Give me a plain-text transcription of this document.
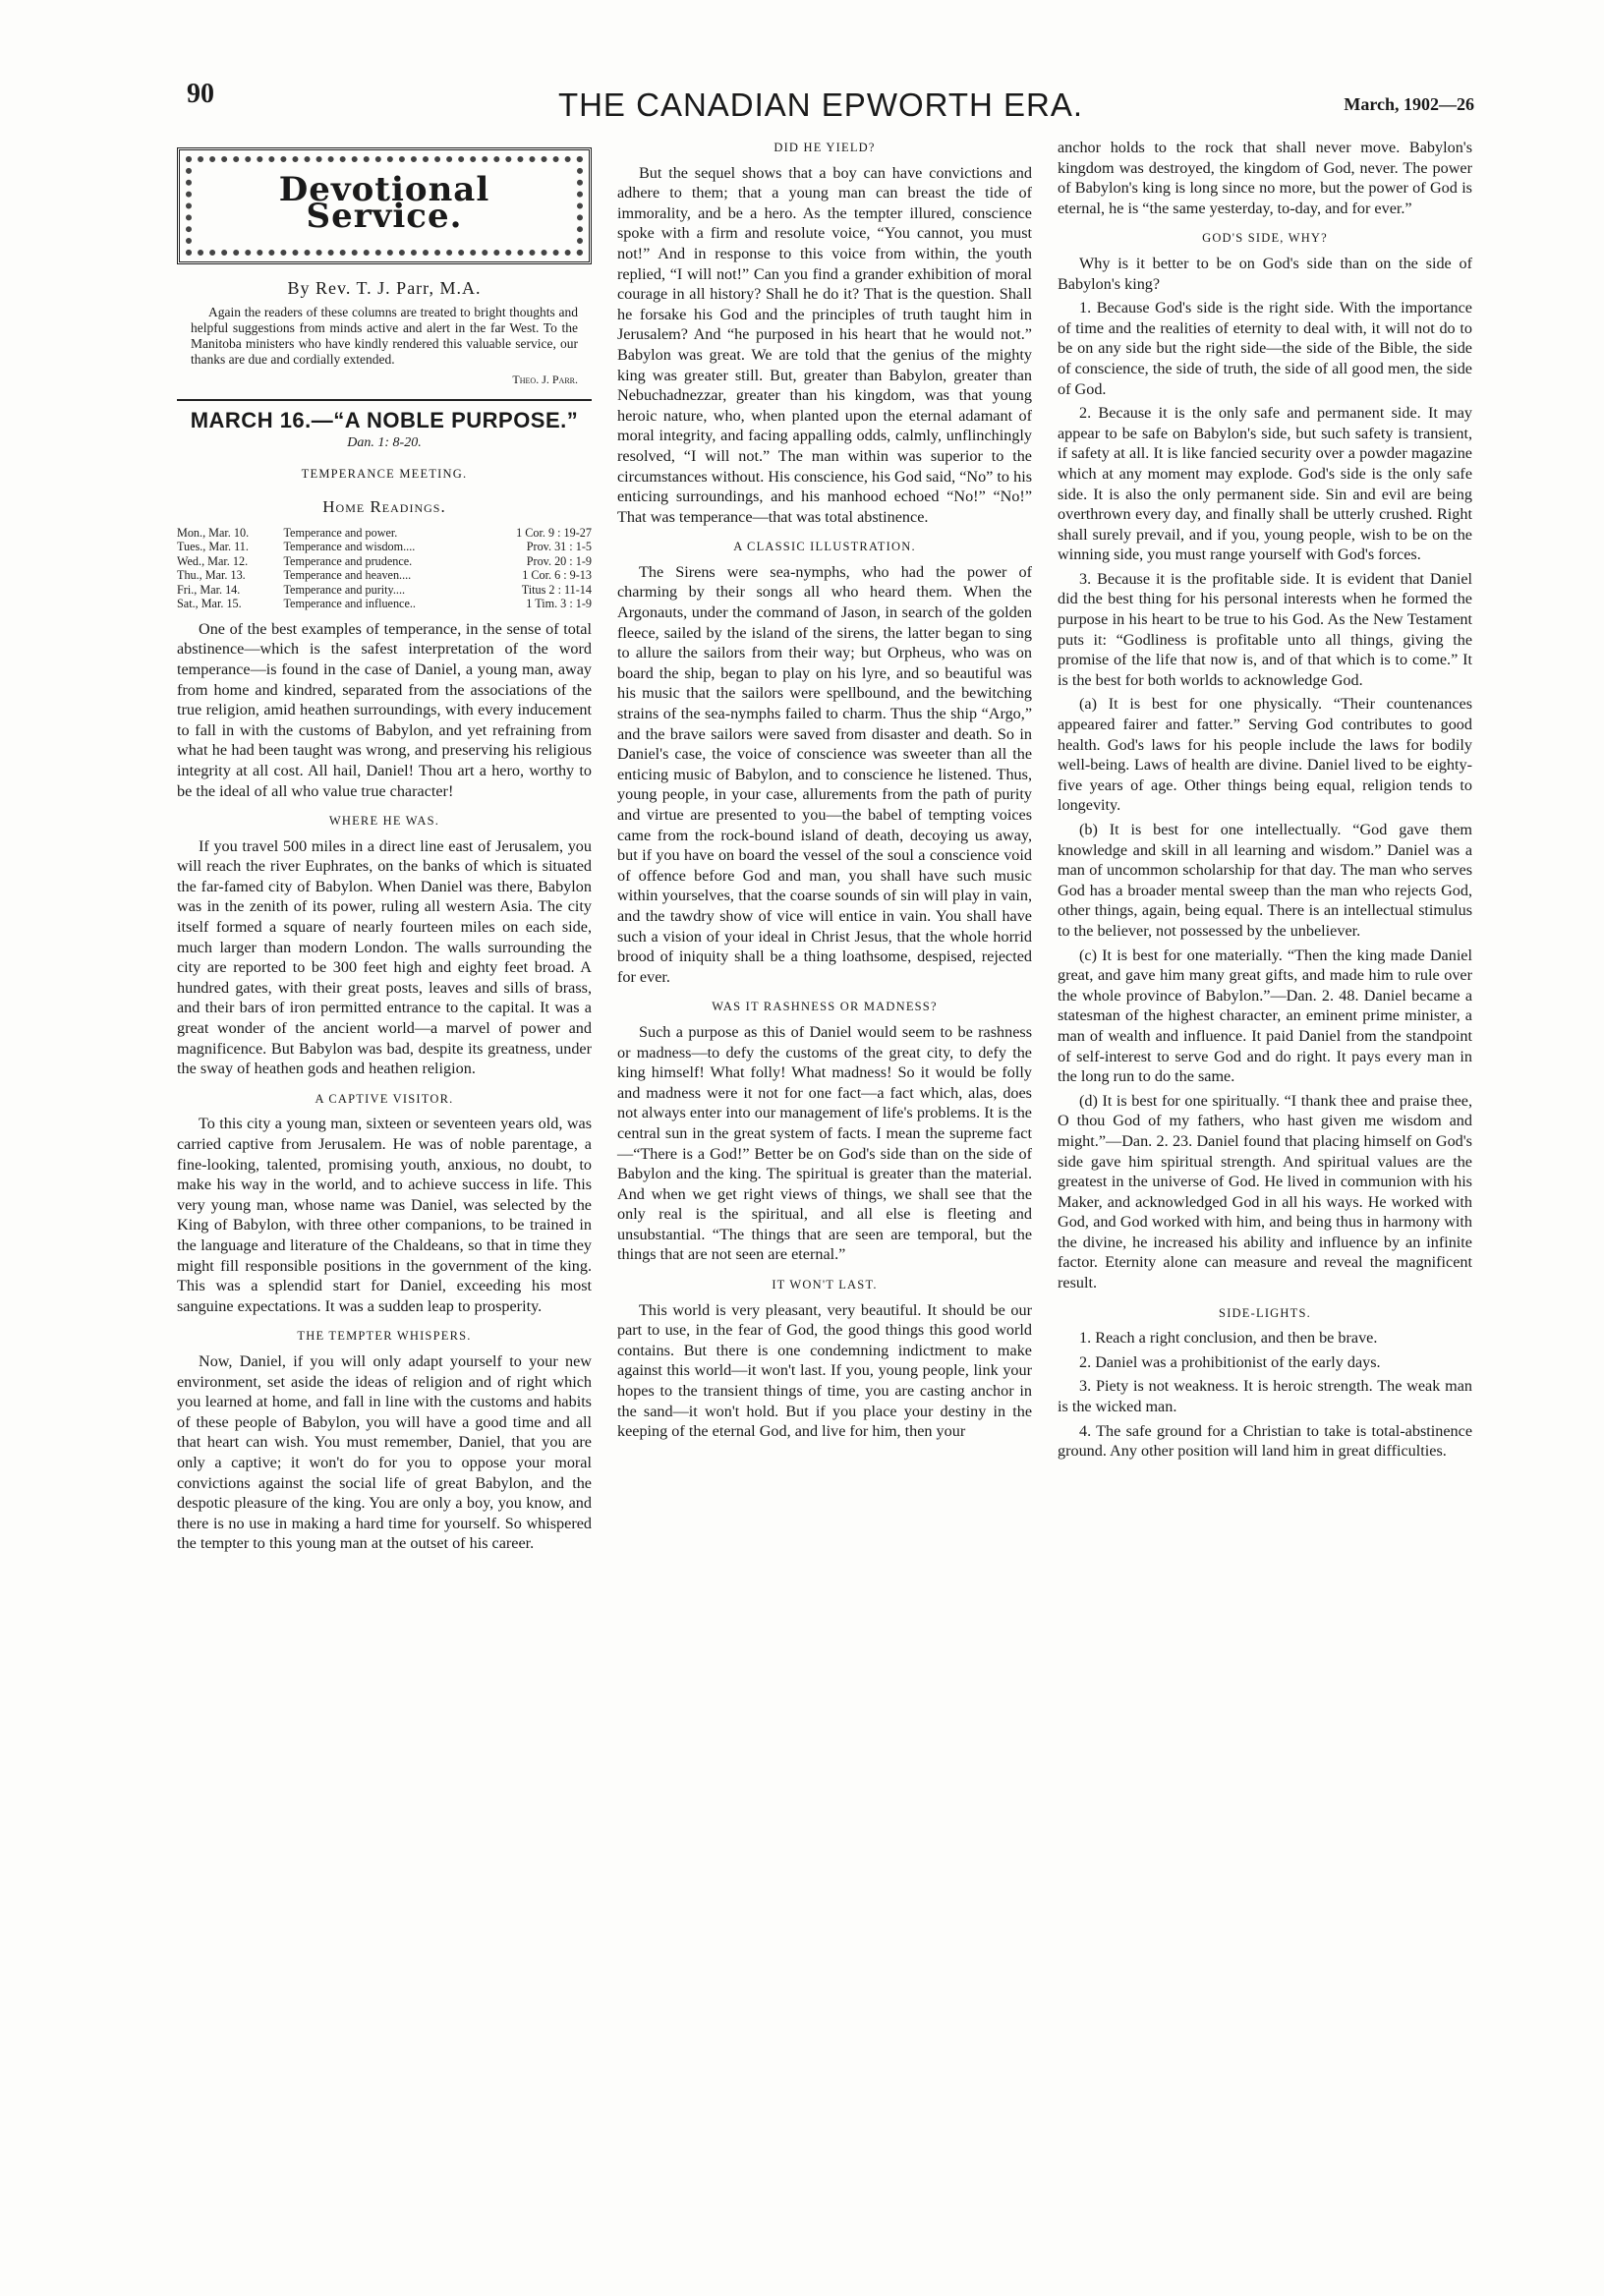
90	THE CANADIAN EPWORTH ERA.	March, 1902—26
Devotional Service.
By Rev. T. J. Parr, M.A.
Again the readers of these columns are treated to bright thoughts and helpful suggestions from minds active and alert in the far West. To the Manitoba ministers who have kindly rendered this valuable service, our thanks are due and cordially extended.
Theo. J. Parr.
MARCH 16.—“A NOBLE PURPOSE.”
Dan. 1: 8-20.
TEMPERANCE MEETING.
Home Readings.
Mon., Mar. 10.	Temperance and power.	1 Cor. 9 : 19-27
Tues., Mar. 11.	Temperance and wisdom....	Prov. 31 : 1-5
Wed., Mar. 12.	Temperance and prudence.	Prov. 20 : 1-9
Thu., Mar. 13.	Temperance and heaven....	1 Cor. 6 : 9-13
Fri., Mar. 14.	Temperance and purity....	Titus 2 : 11-14
Sat., Mar. 15.	Temperance and influence..	1 Tim. 3 : 1-9

One of the best examples of temperance, in the sense of total abstinence—which is the safest interpretation of the word temperance—is found in the case of Daniel, a young man, away from home and kindred, separated from the associations of the true religion, amid heathen surroundings, with every inducement to fall in with the customs of Babylon, and yet refraining from what he had been taught was wrong, and preserving his religious integrity at all cost. All hail, Daniel! Thou art a hero, worthy to be the ideal of all who value true character!

WHERE HE WAS.

If you travel 500 miles in a direct line east of Jerusalem, you will reach the river Euphrates, on the banks of which is situated the far-famed city of Babylon. When Daniel was there, Babylon was in the zenith of its power, ruling all western Asia. The city itself formed a square of nearly fourteen miles on each side, much larger than modern London. The walls surrounding the city are reported to be 300 feet high and eighty feet broad. A hundred gates, with their great posts, leaves and sills of brass, and their bars of iron permitted entrance to the capital. It was a great wonder of the ancient world—a marvel of power and magnificence. But Babylon was bad, despite its greatness, under the sway of heathen gods and heathen religion.

A CAPTIVE VISITOR.

To this city a young man, sixteen or seventeen years old, was carried captive from Jerusalem. He was of noble parentage, a fine-looking, talented, promising youth, anxious, no doubt, to make his way in the world, and to achieve success in life. This very young man, whose name was Daniel, was selected by the King of Babylon, with three other companions, to be trained in the language and literature of the Chaldeans, so that in time they might fill responsible positions in the government of the king. This was a splendid start for Daniel, exceeding his most sanguine expectations. It was a sudden leap to prosperity.

THE TEMPTER WHISPERS.

Now, Daniel, if you will only adapt yourself to your new environment, set aside the ideas of religion and of right which you learned at home, and fall in line with the customs and habits of these people of Babylon, you will have a good time and all that heart can wish. You must remember, Daniel, that you are only a captive; it won't do for you to oppose your moral convictions against the social life of great Babylon, and the despotic pleasure of the king. You are only a boy, you know, and there is no use in making a hard time for yourself. So whispered the tempter to this young man at the outset of his career.

DID HE YIELD?

But the sequel shows that a boy can have convictions and adhere to them; that a young man can breast the tide of immorality, and be a hero. As the tempter illured, conscience spoke with a firm and resolute voice, “You cannot, you must not!” And in response to this voice from within, the youth replied, “I will not!” Can you find a grander exhibition of moral courage in all history? Shall he do it? That is the question. Shall he forsake his God and the principles of truth taught him in Jerusalem? And “he purposed in his heart that he would not.” Babylon was great. We are told that the genius of the mighty king was greater still. But, greater than Babylon, greater than Nebuchadnezzar, greater than his kingdom, was that young heroic nature, who, when planted upon the eternal adamant of moral integrity, and facing appalling odds, calmly, unflinchingly resolved, “I will not.” The man within was superior to the circumstances without. His conscience, his God said, “No” to his enticing surroundings, and his manhood echoed “No!” “No!” That was temperance—that was total abstinence.

A CLASSIC ILLUSTRATION.

The Sirens were sea-nymphs, who had the power of charming by their songs all who heard them. When the Argonauts, under the command of Jason, in search of the golden fleece, sailed by the island of the sirens, the latter began to sing to allure the sailors from their way; but Orpheus, who was on board the ship, began to play on his lyre, and so beautiful was his music that the sailors were spellbound, and the bewitching strains of the sea-nymphs failed to charm. Thus the ship “Argo,” and the brave sailors were saved from disaster and death. So in Daniel's case, the voice of conscience was sweeter than all the enticing music of Babylon, and to conscience he listened. Thus, young people, in your case, allurements from the path of purity and virtue are presented to you—the babel of tempting voices came from the rock-bound island of death, decoying us away, but if you have on board the vessel of the soul a conscience void of offence before God and man, you shall have such music within yourselves, that the coarse sounds of sin will play in vain, and the tawdry show of vice will entice in vain. You shall have such a vision of your ideal in Christ Jesus, that the whole horrid brood of iniquity shall be a thing loathsome, despised, rejected for ever.

WAS IT RASHNESS OR MADNESS?

Such a purpose as this of Daniel would seem to be rashness or madness—to defy the customs of the great city, to defy the king himself! What folly! What madness! So it would be folly and madness were it not for one fact—a fact which, alas, does not always enter into our management of life's problems. It is the central sun in the great system of facts. I mean the supreme fact—“There is a God!” Better be on God's side than on the side of Babylon and the king. The spiritual is greater than the material. And when we get right views of things, we shall see that the only real is the spiritual, and all else is fleeting and unsubstantial. “The things that are seen are temporal, but the things that are not seen are eternal.”

IT WON'T LAST.

This world is very pleasant, very beautiful. It should be our part to use, in the fear of God, the good things this good world contains. But there is one condemning indictment to make against this world—it won't last. If you, young people, link your hopes to the transient things of time, you are casting anchor in the sand—it won't hold. But if you place your destiny in the keeping of the eternal God, and live for him, then your

anchor holds to the rock that shall never move. Babylon's kingdom was destroyed, the kingdom of God, never. The power of Babylon's king is long since no more, but the power of God is eternal, he is “the same yesterday, to-day, and for ever.”

GOD'S SIDE, WHY?

Why is it better to be on God's side than on the side of Babylon's king?

1. Because God's side is the right side. With the importance of time and the realities of eternity to deal with, it will not do to be on any side but the right side—the side of the Bible, the side of conscience, the side of truth, the side of all good men, the side of God.

2. Because it is the only safe and permanent side. It may appear to be safe on Babylon's side, but such safety is transient, if safety at all. It is like fancied security over a powder magazine which at any moment may explode. God's side is the only safe side. It is also the only permanent side. Sin and evil are being overthrown every day, and finally shall be utterly crushed. Right shall surely prevail, and if you, young people, wish to be on the winning side, you must range yourself with God's forces.

3. Because it is the profitable side. It is evident that Daniel did the best thing for his personal interests when he formed the purpose in his heart to be true to his God. As the New Testament puts it: “Godliness is profitable unto all things, giving the promise of the life that now is, and of that which is to come.” It is the best for both worlds to acknowledge God.

(a) It is best for one physically. “Their countenances appeared fairer and fatter.” Serving God contributes to good health. God's laws for his people include the laws for bodily well-being. Laws of health are divine. Daniel lived to be eighty-five years of age. Other things being equal, religion tends to longevity.

(b) It is best for one intellectually. “God gave them knowledge and skill in all learning and wisdom.” Daniel was a man of uncommon scholarship for that day. The man who serves God has a broader mental sweep than the man who rejects God, other things, again, being equal. There is an intellectual stimulus to the believer, not possessed by the unbeliever.

(c) It is best for one materially. “Then the king made Daniel great, and gave him many great gifts, and made him to rule over the whole province of Babylon.”—Dan. 2. 48. Daniel became a statesman of the highest character, an eminent prime minister, a man of wealth and influence. It paid Daniel from the standpoint of self-interest to serve God and do right. It pays every man in the long run to do the same.

(d) It is best for one spiritually. “I thank thee and praise thee, O thou God of my fathers, who hast given me wisdom and might.”—Dan. 2. 23. Daniel found that placing himself on God's side gave him spiritual strength. And spiritual values are the greatest in the universe of God. He lived in communion with his Maker, and acknowledged God in all his ways. He worked with God, and God worked with him, and being thus in harmony with the divine, he increased his ability and influence by an infinite factor. Eternity alone can measure and reveal the magnificent result.

SIDE-LIGHTS.

1. Reach a right conclusion, and then be brave.

2. Daniel was a prohibitionist of the early days.

3. Piety is not weakness. It is heroic strength. The weak man is the wicked man.

4. The safe ground for a Christian to take is total-abstinence ground. Any other position will land him in great difficulties.
